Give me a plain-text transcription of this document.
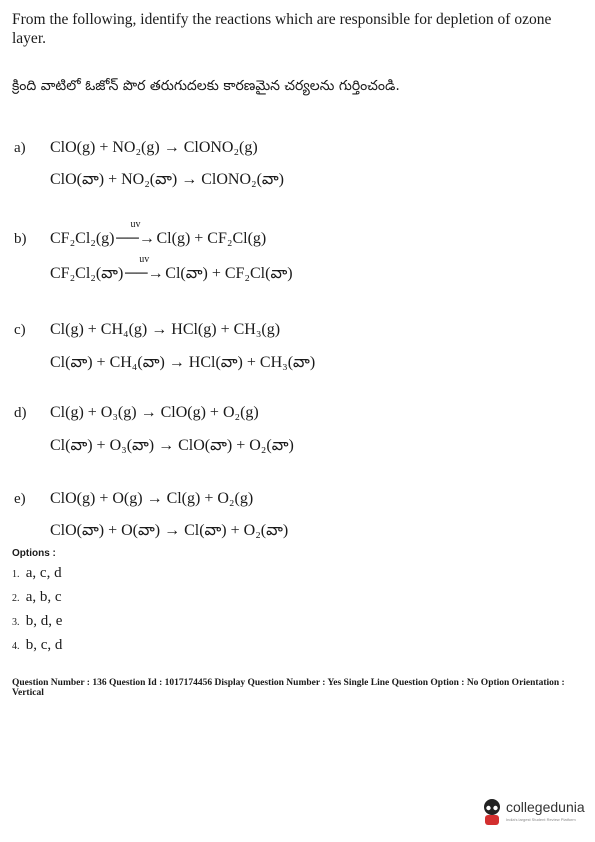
From the following, identify the reactions which are responsible for depletion of ozone layer.
క్రింది వాటిలో ఓజోన్ పొర తరుగుదలకు కారణమైన చర్యలను గుర్తించండి.
a) ClO(g) + NO₂(g) → ClONO₂(g)
ClO(వా) + NO₂(వా) → ClONO₂(వా)
b) CF₂Cl₂(g)
uv
──→ Cl(g) + CF₂Cl(g)
CF₂Cl₂(వా)
uv
──→ Cl(వా) + CF₂Cl(వా)
c) Cl(g) + CH₄(g) → HCl(g) + CH₃(g)
Cl(వా) + CH₄(వా) → HCl(వా) + CH₃(వా)
d) Cl(g) + O₃(g) → ClO(g) + O₂(g)
Cl(వా) + O₃(వా) → ClO(వా) + O₂(వా)
e) ClO(g) + O(g) → Cl(g) + O₂(g)
ClO(వా) + O(వా) → Cl(వా) + O₂(వా)
Options :
1. a, c, d
2. a, b, c
3. b, d, e
4. b, c, d
Question Number : 136 Question Id : 1017174456 Display Question Number : Yes Single Line Question Option : No Option Orientation : Vertical
collegedunia
India's largest Student Review Platform
